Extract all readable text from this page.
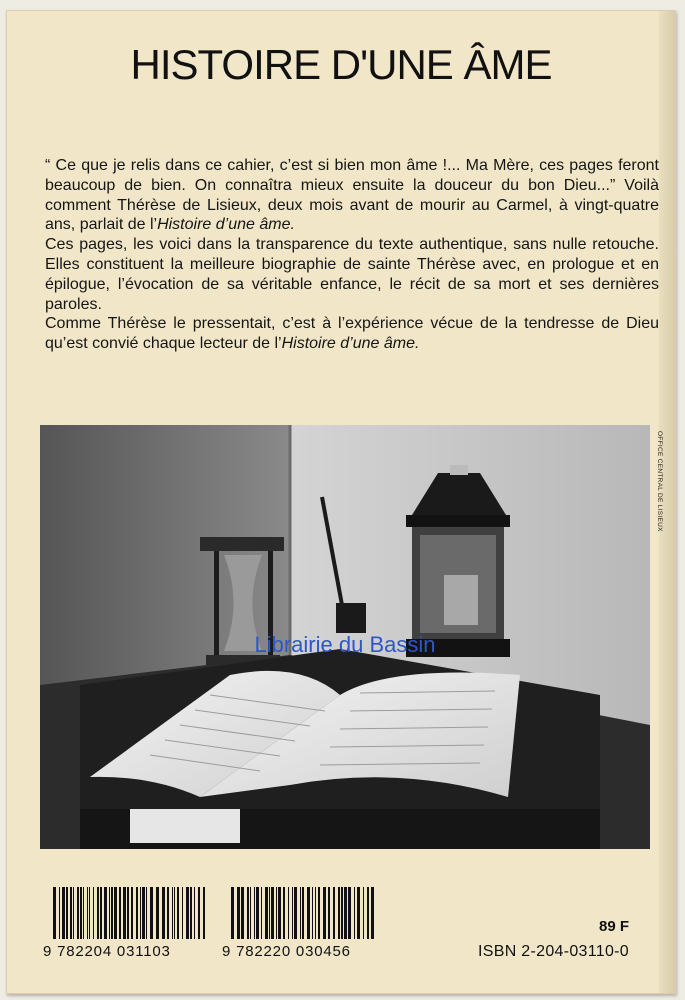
HISTOIRE D'UNE ÂME

“ Ce que je relis dans ce cahier, c’est si bien mon âme !... Ma Mère, ces pages feront beaucoup de bien. On connaîtra mieux ensuite la douceur du bon Dieu...” Voilà comment Thérèse de Lisieux, deux mois avant de mourir au Carmel, à vingt-quatre ans, parlait de l’Histoire d’une âme.

Ces pages, les voici dans la transparence du texte authentique, sans nulle retouche. Elles constituent la meilleure biographie de sainte Thérèse avec, en prologue et en épilogue, l’évocation de sa véritable enfance, le récit de sa mort et ses dernières paroles.

Comme Thérèse le pressentait, c’est à l’expérience vécue de la tendresse de Dieu qu’est convié chaque lecteur de l’Histoire d’une âme.

Librairie du Bassin
OFFICE CENTRAL DE LISIEUX
9 782204 031103	9 782220 030456
89 F
ISBN 2-204-03110-0
